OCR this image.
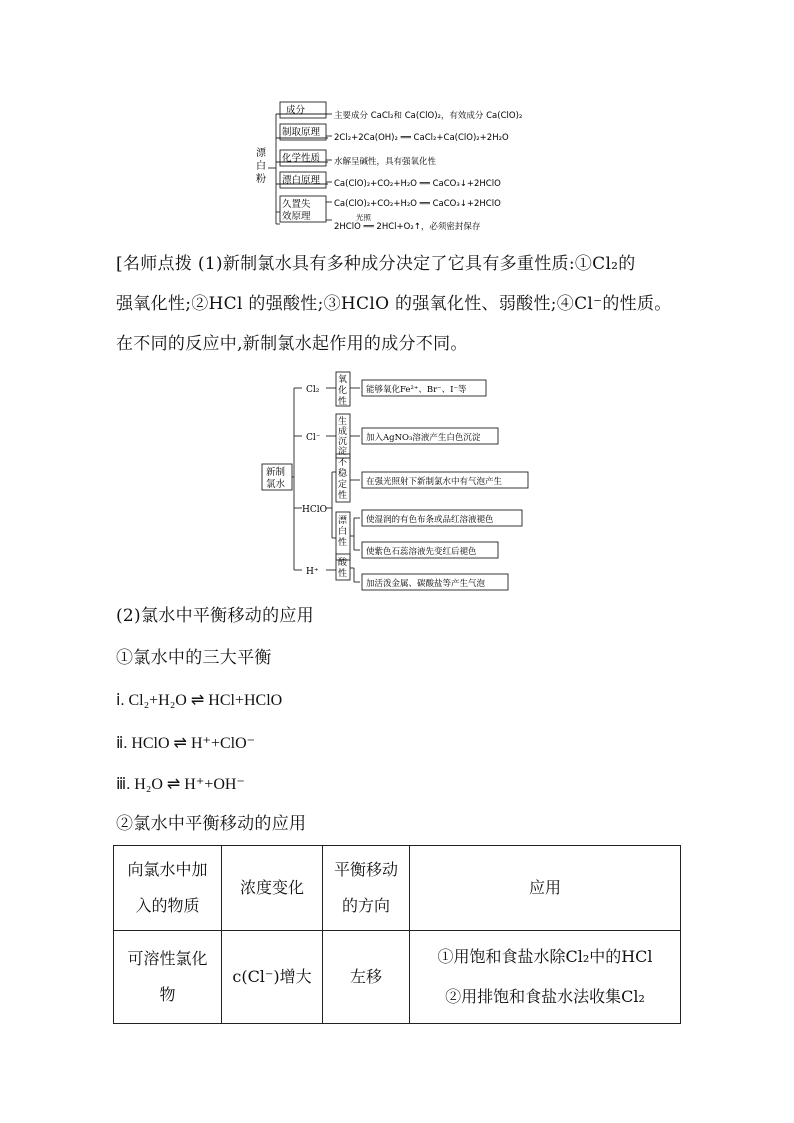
漂
白
粉
成分
制取原理
化学性质
漂白原理
久置失
效原理
主要成分 CaCl₂和 Ca(ClO)₂，有效成分 Ca(ClO)₂
2Cl₂+2Ca(OH)₂ ══ CaCl₂+Ca(ClO)₂+2H₂O
水解呈碱性，具有强氧化性
Ca(ClO)₂+CO₂+H₂O ══ CaCO₃↓+2HClO
Ca(ClO)₂+CO₂+H₂O ══ CaCO₃↓+2HClO
光照
2HClO ══ 2HCl+O₂↑，必须密封保存
[名师点拨 (1)新制氯水具有多种成分决定了它具有多重性质:①Cl₂的
强氧化性;②HCl 的强酸性;③HClO 的强氧化性、弱酸性;④Cl⁻的性质。
在不同的反应中,新制氯水起作用的成分不同。
新制
氯水
Cl₂
Cl⁻
HClO
H⁺
氧
化
性
生
成
沉
淀
不
稳
定
性
漂
白
性
酸
性
能够氧化Fe²⁺、Br⁻、I⁻等
加入AgNO₃溶液产生白色沉淀
在强光照射下新制氯水中有气泡产生
使湿润的有色布条或品红溶液褪色
使紫色石蕊溶液先变红后褪色
加活泼金属、碳酸盐等产生气泡
(2)氯水中平衡移动的应用
①氯水中的三大平衡
ⅰ. Cl₂+H₂O ⇌ HCl+HClO
ⅱ. HClO ⇌ H⁺+ClO⁻
ⅲ. H₂O ⇌ H⁺+OH⁻
②氯水中平衡移动的应用
向氯水中加入的物质	浓度变化	平衡移动的方向	应用
可溶性氯化物	c(Cl⁻)增大	左移	①用饱和食盐水除Cl₂中的HCl
②用排饱和食盐水法收集Cl₂
